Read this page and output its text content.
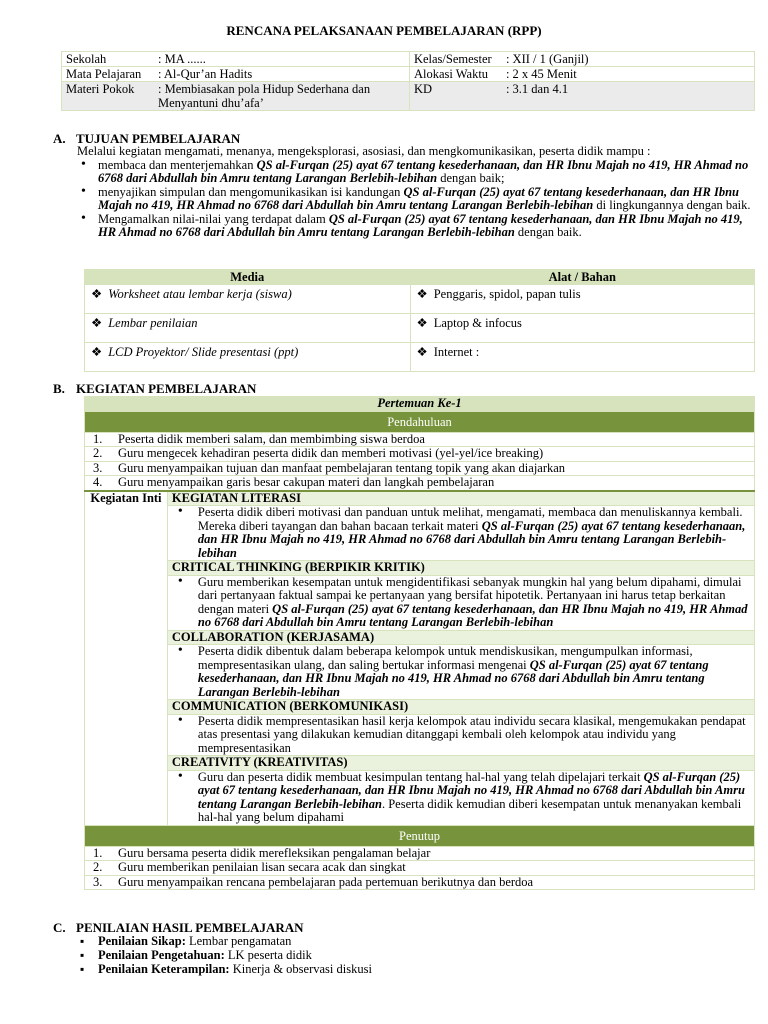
RENCANA PELAKSANAAN PEMBELAJARAN (RPP)
Sekolah : MA ......	Kelas/Semester : XII / 1 (Ganjil)

Mata Pelajaran : Al-Qur’an Hadits	Alokasi Waktu : 2 x 45 Menit

Materi Pokok : Membiasakan pola Hidup Sederhana dan Menyantuni dhu’afa’	KD : 3.1 dan 4.1
A. TUJUAN PEMBELAJARAN
Melalui kegiatan mengamati, menanya, mengeksplorasi, asosiasi, dan mengkomunikasikan, peserta didik mampu :
• membaca dan menterjemahkan QS al-Furqan (25) ayat 67 tentang kesederhanaan, dan HR Ibnu Majah no 419, HR Ahmad no 6768 dari Abdullah bin Amru tentang Larangan Berlebih-lebihan dengan baik;
• menyajikan simpulan dan mengomunikasikan isi kandungan QS al-Furqan (25) ayat 67 tentang kesederhanaan, dan HR Ibnu Majah no 419, HR Ahmad no 6768 dari Abdullah bin Amru tentang Larangan Berlebih-lebihan di lingkungannya dengan baik.
• Mengamalkan nilai-nilai yang terdapat dalam QS al-Furqan (25) ayat 67 tentang kesederhanaan, dan HR Ibnu Majah no 419, HR Ahmad no 6768 dari Abdullah bin Amru tentang Larangan Berlebih-lebihan dengan baik.
Media	Alat / Bahan
❖ Worksheet atau lembar kerja (siswa)	❖ Penggaris, spidol, papan tulis
❖ Lembar penilaian	❖ Laptop & infocus
❖ LCD Proyektor/ Slide presentasi (ppt)	❖ Internet :
B. KEGIATAN PEMBELAJARAN
Pertemuan Ke-1
Pendahuluan
1. Peserta didik memberi salam, dan membimbing siswa berdoa
2. Guru mengecek kehadiran peserta didik dan memberi motivasi (yel-yel/ice breaking)
3. Guru menyampaikan tujuan dan manfaat pembelajaran tentang topik yang akan diajarkan
4. Guru menyampaikan garis besar cakupan materi dan langkah pembelajaran
Kegiatan Inti	KEGIATAN LITERASI

• Peserta didik diberi motivasi dan panduan untuk melihat, mengamati, membaca dan menuliskannya kembali. Mereka diberi tayangan dan bahan bacaan terkait materi QS al-Furqan (25) ayat 67 tentang kesederhanaan, dan HR Ibnu Majah no 419, HR Ahmad no 6768 dari Abdullah bin Amru tentang Larangan Berlebih-lebihan

CRITICAL THINKING (BERPIKIR KRITIK)

• Guru memberikan kesempatan untuk mengidentifikasi sebanyak mungkin hal yang belum dipahami, dimulai dari pertanyaan faktual sampai ke pertanyaan yang bersifat hipotetik. Pertanyaan ini harus tetap berkaitan dengan materi QS al-Furqan (25) ayat 67 tentang kesederhanaan, dan HR Ibnu Majah no 419, HR Ahmad no 6768 dari Abdullah bin Amru tentang Larangan Berlebih-lebihan

COLLABORATION (KERJASAMA)

• Peserta didik dibentuk dalam beberapa kelompok untuk mendiskusikan, mengumpulkan informasi, mempresentasikan ulang, dan saling bertukar informasi mengenai QS al-Furqan (25) ayat 67 tentang kesederhanaan, dan HR Ibnu Majah no 419, HR Ahmad no 6768 dari Abdullah bin Amru tentang Larangan Berlebih-lebihan

COMMUNICATION (BERKOMUNIKASI)

• Peserta didik mempresentasikan hasil kerja kelompok atau individu secara klasikal, mengemukakan pendapat atas presentasi yang dilakukan kemudian ditanggapi kembali oleh kelompok atau individu yang mempresentasikan

CREATIVITY (KREATIVITAS)

• Guru dan peserta didik membuat kesimpulan tentang hal-hal yang telah dipelajari terkait QS al-Furqan (25) ayat 67 tentang kesederhanaan, dan HR Ibnu Majah no 419, HR Ahmad no 6768 dari Abdullah bin Amru tentang Larangan Berlebih-lebihan. Peserta didik kemudian diberi kesempatan untuk menanyakan kembali hal-hal yang belum dipahami

Penutup
1. Guru bersama peserta didik merefleksikan pengalaman belajar
2. Guru memberikan penilaian lisan secara acak dan singkat
3. Guru menyampaikan rencana pembelajaran pada pertemuan berikutnya dan berdoa
C. PENILAIAN HASIL PEMBELAJARAN
▪ Penilaian Sikap: Lembar pengamatan
▪ Penilaian Pengetahuan: LK peserta didik
▪ Penilaian Keterampilan: Kinerja & observasi diskusi
